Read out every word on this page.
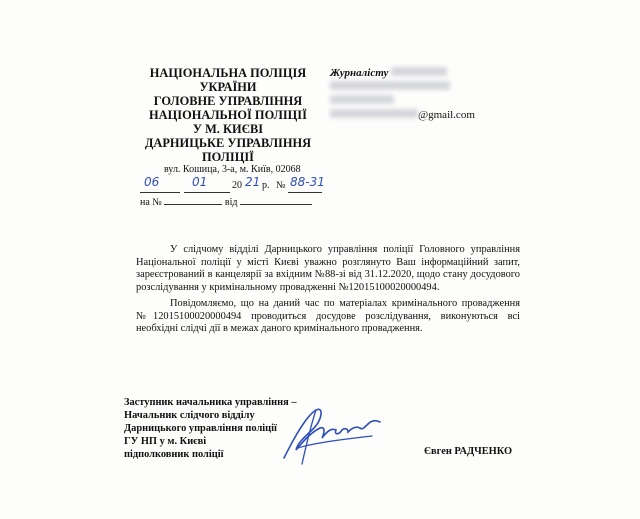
НАЦІОНАЛЬНА ПОЛІЦІЯ
УКРАЇНИ
ГОЛОВНЕ УПРАВЛІННЯ
НАЦІОНАЛЬНОЇ ПОЛІЦІЇ
У М. КИЄВІ
ДАРНИЦЬКЕ УПРАВЛІННЯ
ПОЛІЦІЇ
вул. Кошица, 3-а, м. Київ, 02068
06	01 20 21 р. № 88-31
на №	від
Журналісту
@gmail.com
У слідчому відділі Дарницького управління поліції Головного управління Національної поліції у місті Києві уважно розглянуто Ваш інформаційний запит, зареєстрований в канцелярії за вхідним №88-зі від 31.12.2020, щодо стану досудового розслідування у кримінальному провадженні №12015100020000494.
Повідомляємо, що на даний час по матеріалах кримінального провадження №12015100020000494 проводиться досудове розслідування, виконуються всі необхідні слідчі дії в межах даного кримінального провадження.
Заступник начальника управління –
Начальник слідчого відділу
Дарницького управління поліції
ГУ НП у м. Києві
підполковник поліції	Євген РАДЧЕНКО
